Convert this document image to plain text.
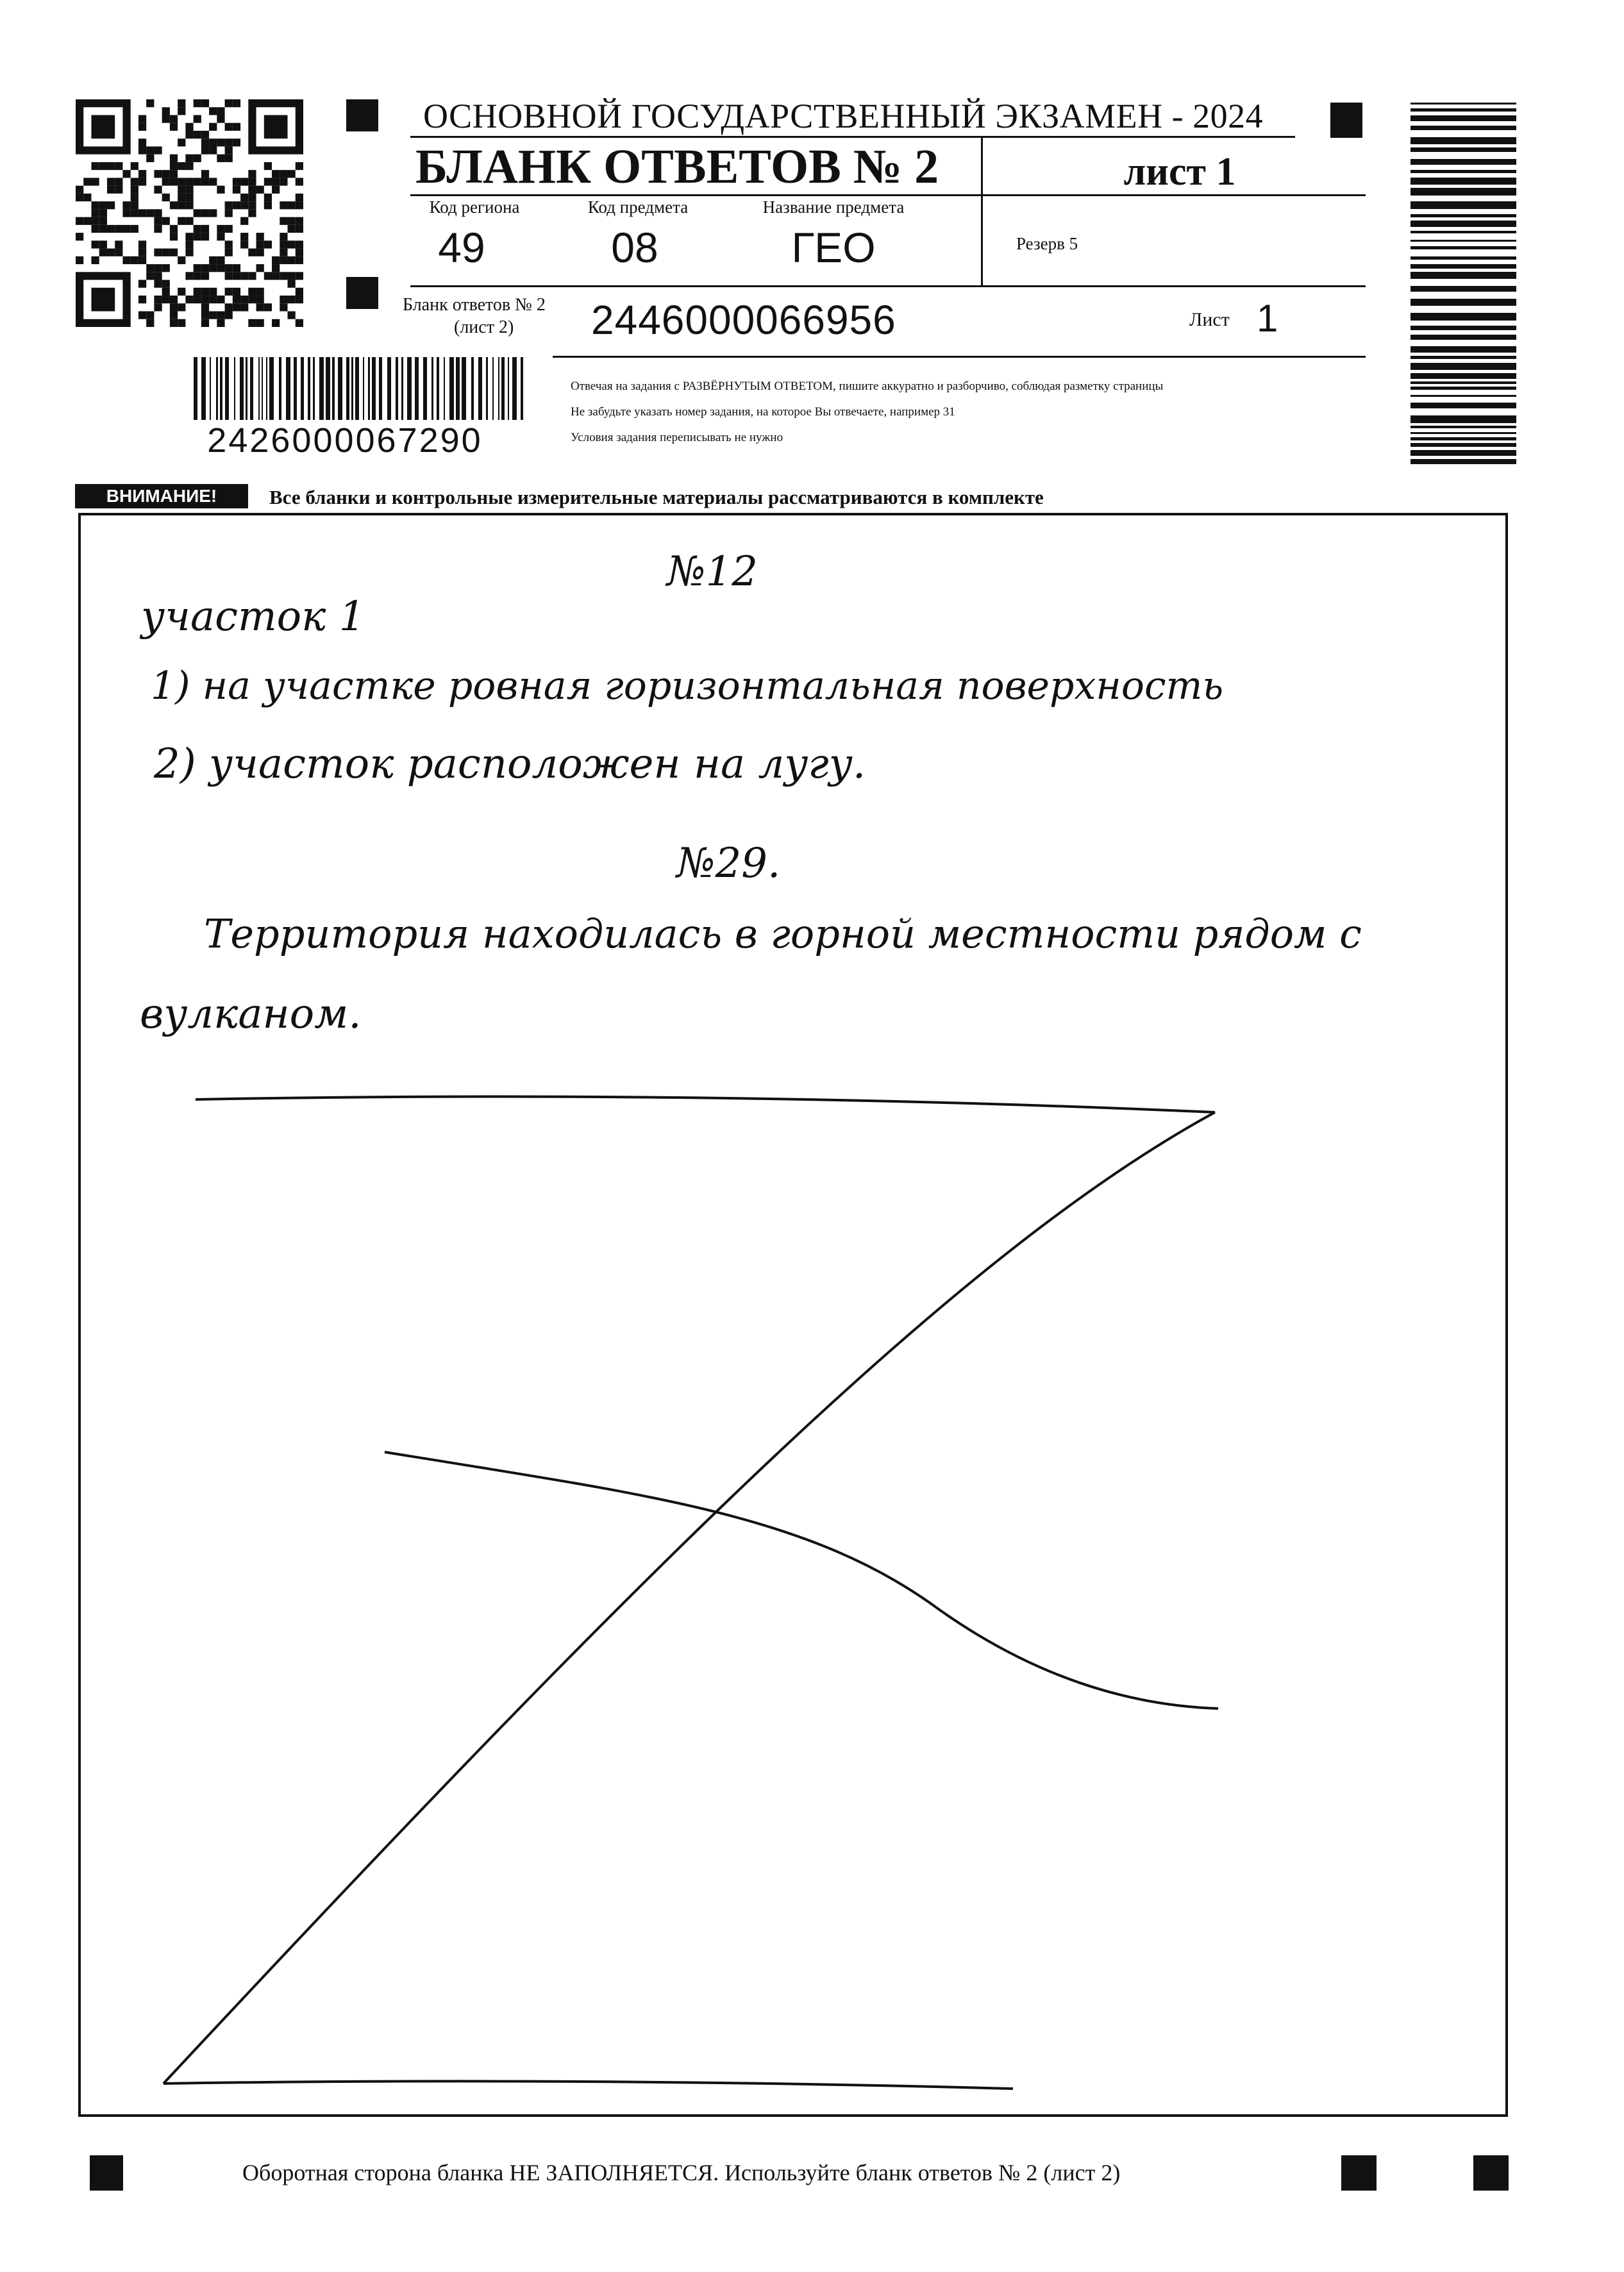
ОСНОВНОЙ ГОСУДАРСТВЕННЫЙ ЭКЗАМЕН - 2024
БЛАНК ОТВЕТОВ № 2	лист 1
Код региона
49
Код предмета
08
Название предмета
ГЕО	Резерв 5
Бланк ответов № 2
(лист 2) 2446000066956	Лист 1
2426000067290
Отвечая на задания с РАЗВЁРНУТЫМ ОТВЕТОМ, пишите аккуратно и разборчиво, соблюдая разметку страницы
Не забудьте указать номер задания, на которое Вы отвечаете, например 31
Условия задания переписывать не нужно
ВНИМАНИЕ!	Все бланки и контрольные измерительные материалы рассматриваются в комплекте
№12
участок 1
1) на участке ровная горизонтальная поверхность
2) участок расположен на лугу.
№29.
Территория находилась в горной местности рядом с
вулканом.
Оборотная сторона бланка НЕ ЗАПОЛНЯЕТСЯ. Используйте бланк ответов № 2 (лист 2)
